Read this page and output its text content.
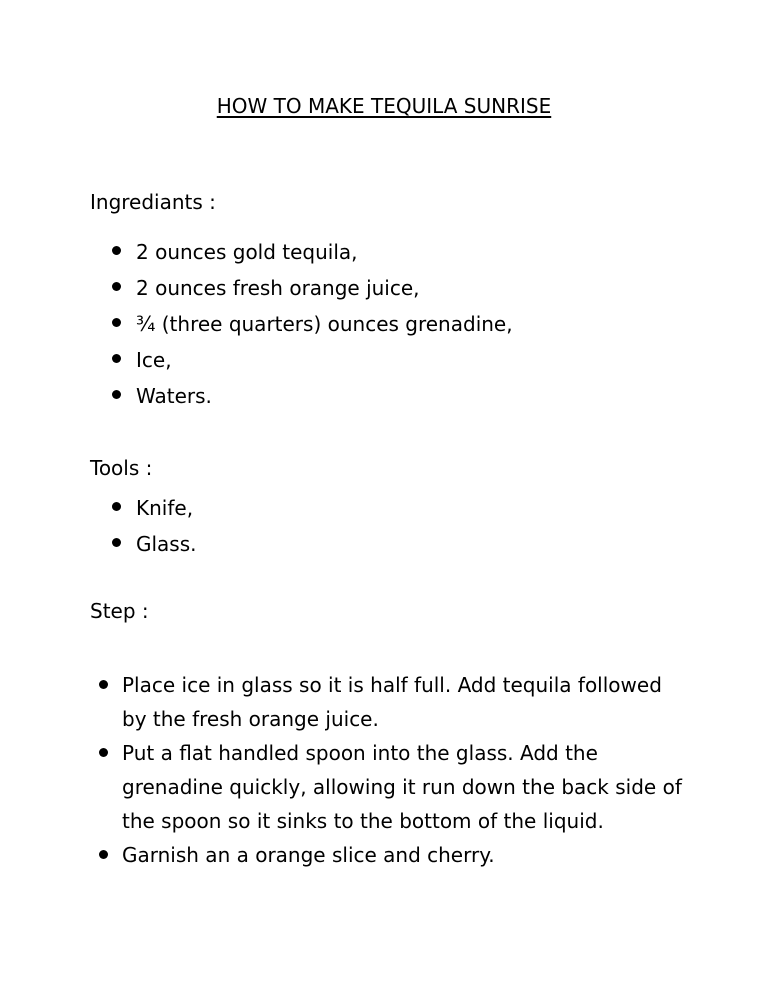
HOW TO MAKE TEQUILA SUNRISE

Ingrediants :

2 ounces gold tequila,
2 ounces fresh orange juice,
¾ (three quarters) ounces grenadine,
Ice,
Waters.

Tools :

Knife,
Glass.

Step :

Place ice in glass so it is half full. Add tequila followed by the fresh orange juice.
Put a flat handled spoon into the glass. Add the grenadine quickly, allowing it run down the back side of the spoon so it sinks to the bottom of the liquid.
Garnish an a orange slice and cherry.
